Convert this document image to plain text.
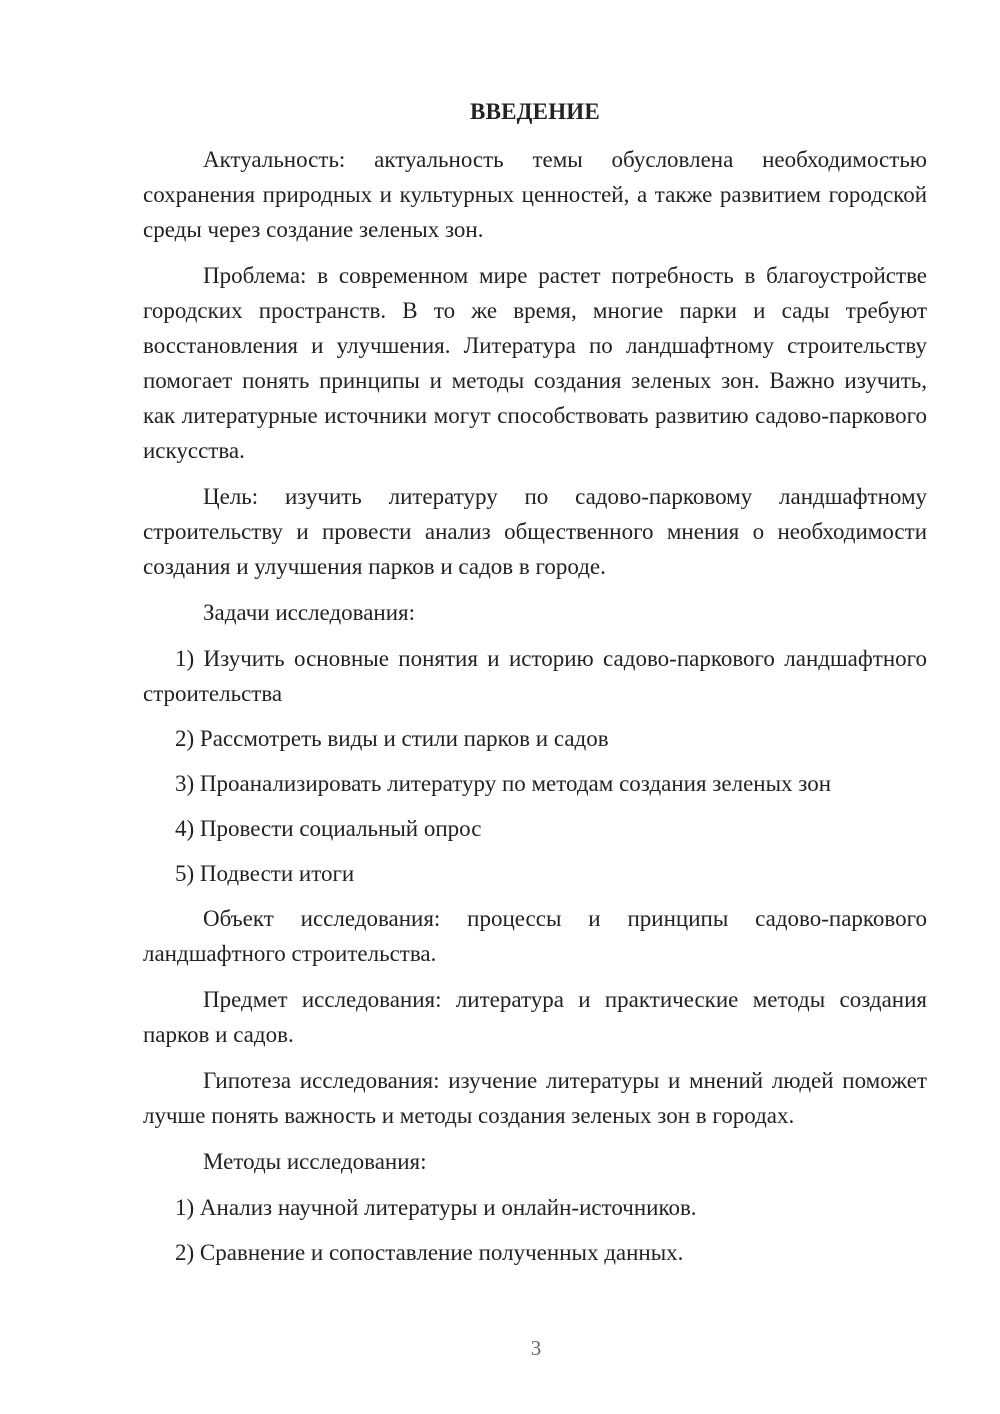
ВВЕДЕНИЕ

Актуальность: актуальность темы обусловлена необходимостью сохранения природных и культурных ценностей, а также развитием городской среды через создание зеленых зон.

Проблема: в современном мире растет потребность в благоустройстве городских пространств. В то же время, многие парки и сады требуют восстановления и улучшения. Литература по ландшафтному строительству помогает понять принципы и методы создания зеленых зон. Важно изучить, как литературные источники могут способствовать развитию садово-паркового искусства.

Цель: изучить литературу по садово-парковому ландшафтному строительству и провести анализ общественного мнения о необходимости создания и улучшения парков и садов в городе.

Задачи исследования:

1) Изучить основные понятия и историю садово-паркового ландшафтного строительства
2) Рассмотреть виды и стили парков и садов
3) Проанализировать литературу по методам создания зеленых зон
4) Провести социальный опрос
5) Подвести итоги

Объект исследования: процессы и принципы садово-паркового ландшафтного строительства.

Предмет исследования: литература и практические методы создания парков и садов.

Гипотеза исследования: изучение литературы и мнений людей поможет лучше понять важность и методы создания зеленых зон в городах.

Методы исследования:

1) Анализ научной литературы и онлайн-источников.
2) Сравнение и сопоставление полученных данных.
3
